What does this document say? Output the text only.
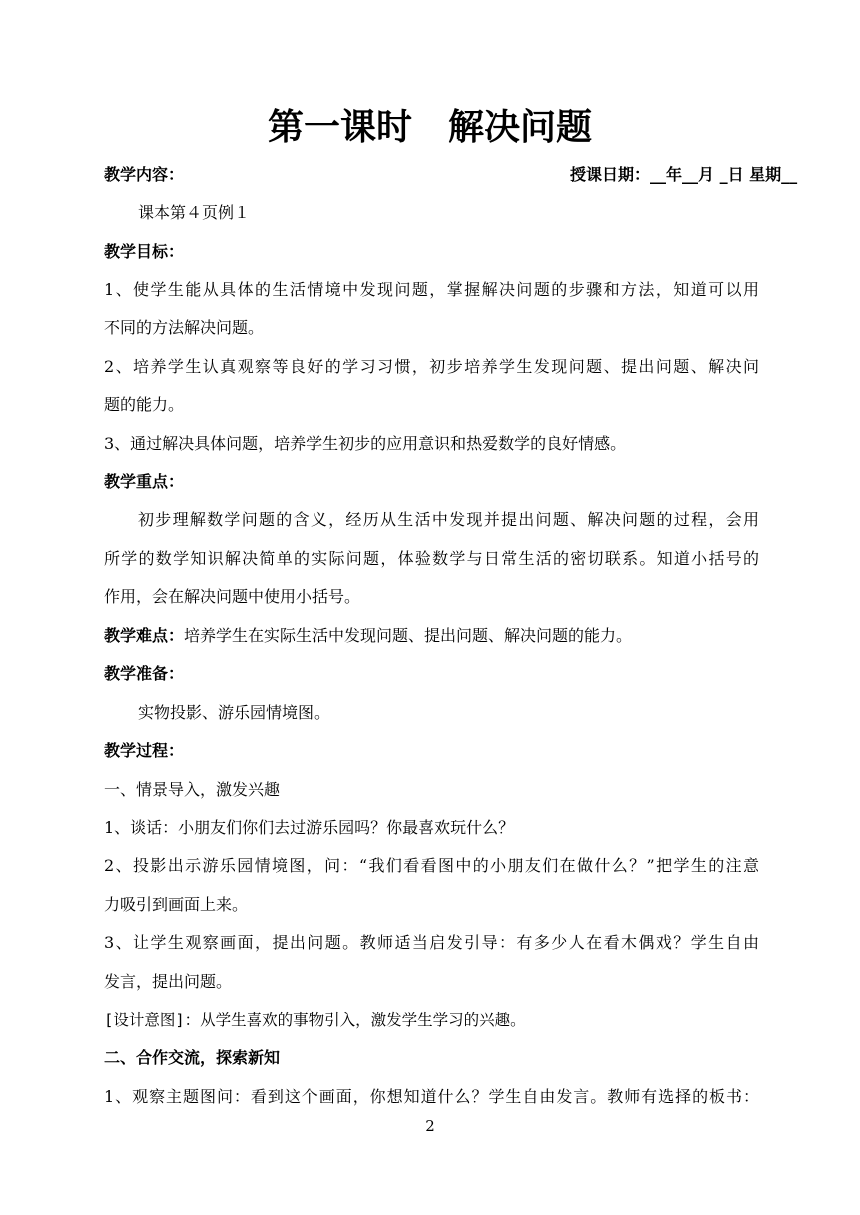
第一课时　解决问题
教学内容：	授课日期：__年__月 _日 星期__
课本第４页例１
教学目标：
1、使学生能从具体的生活情境中发现问题，掌握解决问题的步骤和方法，知道可以用
不同的方法解决问题。
2、培养学生认真观察等良好的学习习惯，初步培养学生发现问题、提出问题、解决问
题的能力。
3、通过解决具体问题，培养学生初步的应用意识和热爱数学的良好情感。
教学重点：
初步理解数学问题的含义，经历从生活中发现并提出问题、解决问题的过程，会用
所学的数学知识解决简单的实际问题，体验数学与日常生活的密切联系。知道小括号的
作用，会在解决问题中使用小括号。
教学难点：培养学生在实际生活中发现问题、提出问题、解决问题的能力。
教学准备：
实物投影、游乐园情境图。
教学过程：
一、情景导入，激发兴趣
1、谈话：小朋友们你们去过游乐园吗？你最喜欢玩什么？
2、投影出示游乐园情境图，问：“我们看看图中的小朋友们在做什么？”把学生的注意
力吸引到画面上来。
3、让学生观察画面，提出问题。教师适当启发引导：有多少人在看木偶戏？学生自由
发言，提出问题。
[设计意图]：从学生喜欢的事物引入，激发学生学习的兴趣。
二、合作交流，探索新知
1、观察主题图问：看到这个画面，你想知道什么？学生自由发言。教师有选择的板书：
2
